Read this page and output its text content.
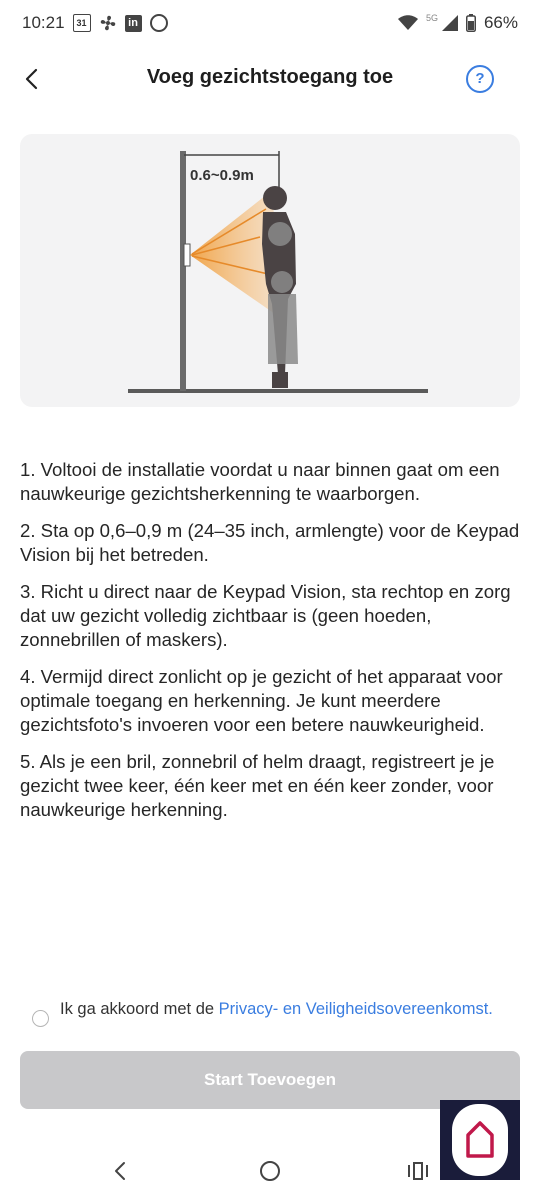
10:21	31	in	5G	66%
Voeg gezichtstoegang toe	?
0.6~0.9m

1. Voltooi de installatie voordat u naar binnen gaat om een nauwkeurige gezichtsherkenning te waarborgen.

2. Sta op 0,6–0,9 m (24–35 inch, armlengte) voor de Keypad Vision bij het betreden.

3. Richt u direct naar de Keypad Vision, sta rechtop en zorg dat uw gezicht volledig zichtbaar is (geen hoeden, zonnebrillen of maskers).

4. Vermijd direct zonlicht op je gezicht of het apparaat voor optimale toegang en herkenning. Je kunt meerdere gezichtsfoto's invoeren voor een betere nauwkeurigheid.

5. Als je een bril, zonnebril of helm draagt, registreert je je gezicht twee keer, één keer met en één keer zonder, voor nauwkeurige herkenning.

Ik ga akkoord met de Privacy- en Veiligheidsovereenkomst.
Start Toevoegen
